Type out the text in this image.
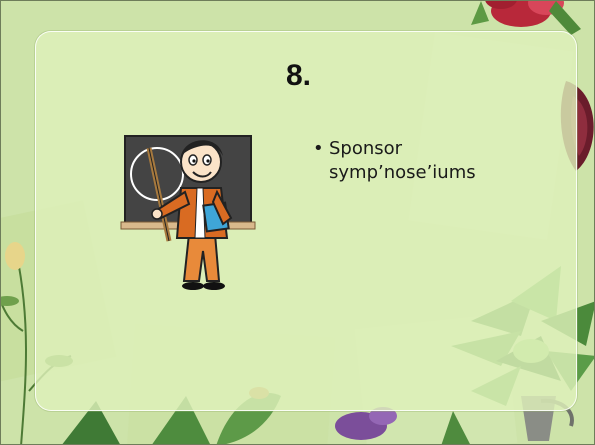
8.
• Sponsor symp’nose’iums
